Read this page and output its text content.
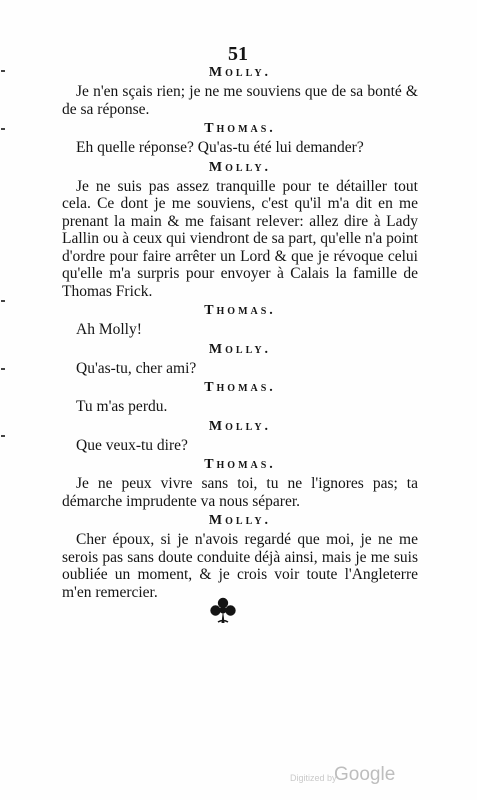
51

Molly.

Je n'en sçais rien; je ne me souviens que de sa bonté & de sa réponse.

Thomas.

Eh quelle réponse? Qu'as-tu été lui demander?

Molly.

Je ne suis pas assez tranquille pour te détailler tout cela. Ce dont je me souviens, c'est qu'il m'a dit en me prenant la main & me faisant relever: allez dire à Lady Lallin ou à ceux qui viendront de sa part, qu'elle n'a point d'ordre pour faire arrêter un Lord & que je révoque celui qu'elle m'a surpris pour envoyer à Calais la famille de Thomas Frick.

Thomas.

Ah Molly!

Molly.

Qu'as-tu, cher ami?

Thomas.

Tu m'as perdu.

Molly.

Que veux-tu dire?

Thomas.

Je ne peux vivre sans toi, tu ne l'ignores pas; ta démarche imprudente va nous séparer.

Molly.

Cher époux, si je n'avois regardé que moi, je ne me serois pas sans doute conduite déjà ainsi, mais je me suis oubliée un moment, & je crois voir toute l'Angleterre m'en remercier.

Digitized by
Google
